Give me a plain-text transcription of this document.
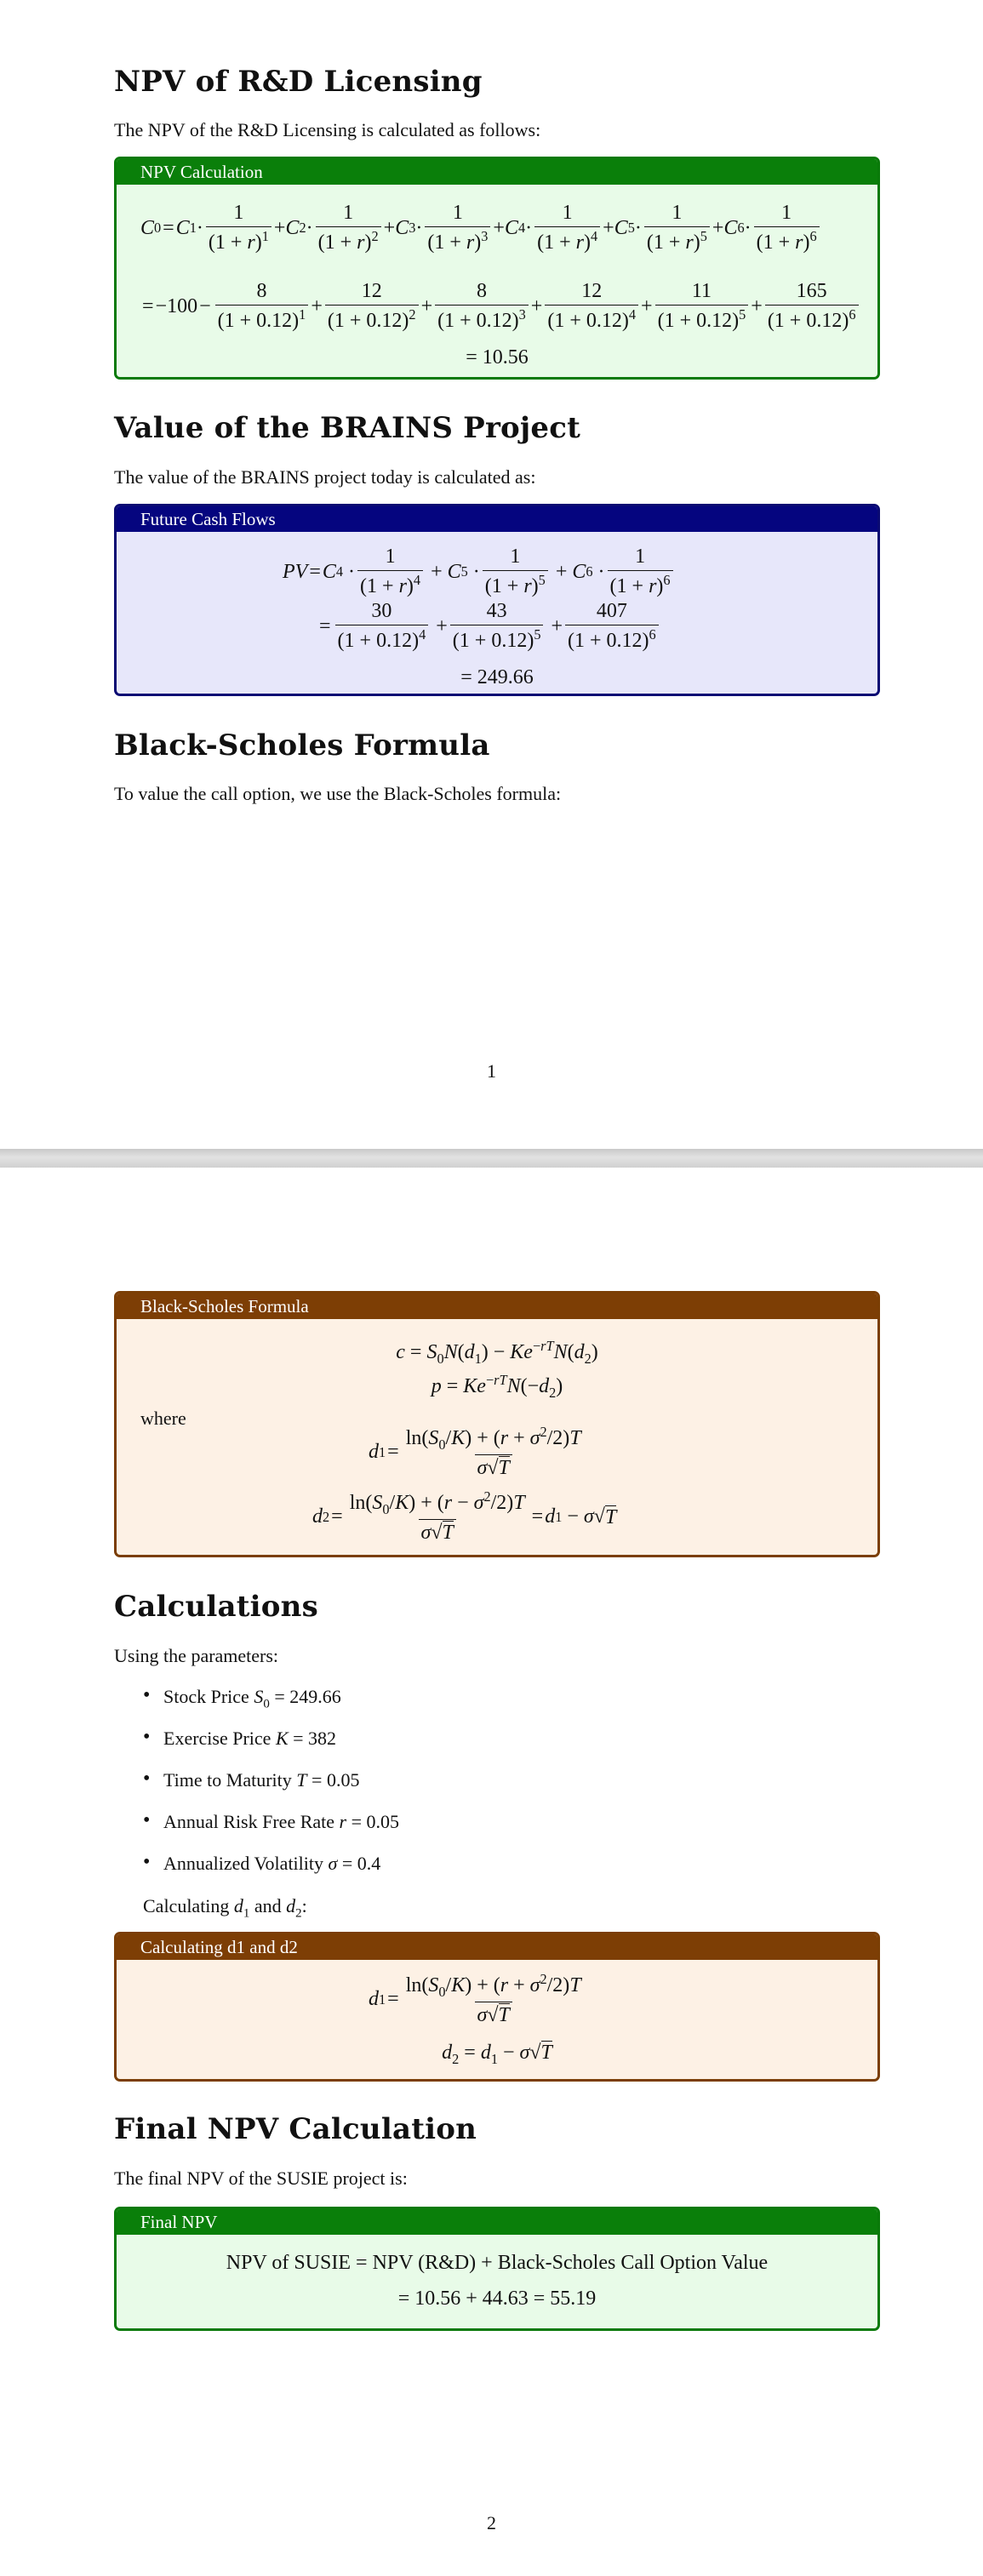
NPV of R&D Licensing

The NPV of the R&D Licensing is calculated as follows:

NPV Calculation
C 0 = C $1 \cdot \frac{1}{(1 + r)^1} + C$ $2 \cdot \frac{1}{(1 + r)^2} + C$ $3 \cdot \frac{1}{(1 + r)^3} + C$ $4 \cdot \frac{1}{(1 + r)^4} + C$ $5 \cdot \frac{1}{(1 + r)^5} + C$ $6 \cdot \frac{1}{(1 + r)^6}$
= $-100 - \frac{8}{(1 + 0.12)^1} + \frac{12}{(1 + 0.12)^2} + \frac{8}{(1 + 0.12)^3} + \frac{12}{(1 + 0.12)^4} + \frac{11}{(1 + 0.12)^5} + \frac{165}{(1 + 0.12)^6}$
= 10.56
Value of the BRAINS Project

The value of the BRAINS project today is calculated as:

Future Cash Flows
PV = C $4 \cdot \frac{1}{(1 + r)^4} + C$ $5 \cdot \frac{1}{(1 + r)^5} + C$ $6 \cdot \frac{1}{(1 + r)^6}$
= $\frac{30}{(1 + 0.12)^4} + \frac{43}{(1 + 0.12)^5} + \frac{407}{(1 + 0.12)^6}$
= 249.66
Black-Scholes Formula

To value the call option, we use the Black-Scholes formula:

1
Black-Scholes Formula
$c = S_0N(d_1) - Ke^{-rT}N(d_2)$
$p = Ke^{-rT}N(-d_2)$
where
d $1 = \frac{\ln(S_0/K) + (r + \sigma^2/2)T}{\sigma√T}$
d $2 = \frac{\ln(S_0/K) + (r - \sigma^2/2)T}{\sigma√T} = d$ 1 − σ √ T
Calculations

Using the parameters:

• Stock Price $S_0 = 249.66$
• Exercise Price K = 382
• Time to Maturity T = 0.05
• Annual Risk Free Rate r = 0.05
• Annualized Volatility σ = 0.4

Calculating $d_1$ and $d_2$:

Calculating d1 and d2
d $1 = \frac{\ln(S_0/K) + (r + \sigma^2/2)T}{\sigma√T}$
$d_2 = d_1 - \sigma√T$
Final NPV Calculation

The final NPV of the SUSIE project is:

Final NPV
NPV of SUSIE = NPV (R&D) + Black-Scholes Call Option Value
= 10.56 + 44.63 = 55.19
2
